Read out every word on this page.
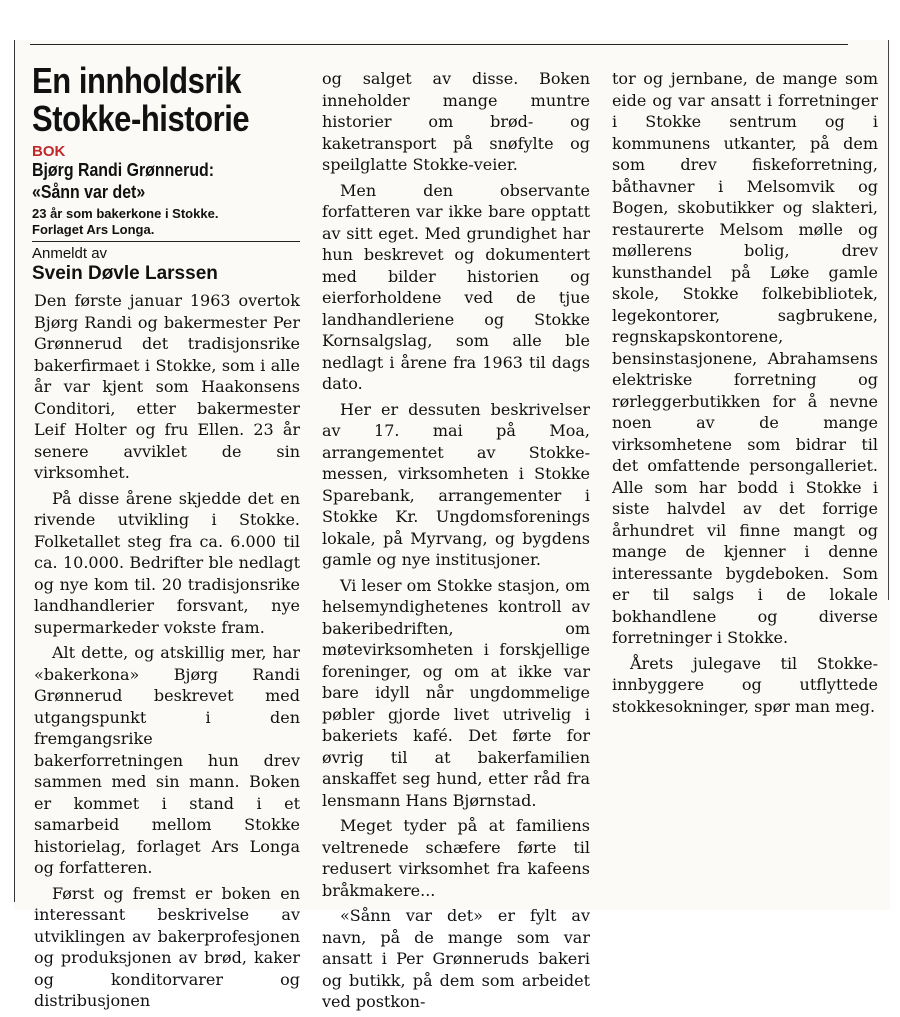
En innholdsrik Stokke-historie
BOK
Bjørg Randi Grønnerud: «Sånn var det»
23 år som bakerkone i Stokke.
Forlaget Ars Longa.
Anmeldt av
Svein Døvle Larssen

Den første januar 1963 overtok Bjørg Randi og bakermester Per Grønnerud det tradisjonsrike bakerfirmaet i Stokke, som i alle år var kjent som Haakonsens Conditori, etter bakermester Leif Holter og fru Ellen. 23 år senere avviklet de sin virksomhet.

På disse årene skjedde det en rivende utvikling i Stokke. Folketallet steg fra ca. 6.000 til ca. 10.000. Bedrifter ble nedlagt og nye kom til. 20 tradisjonsrike landhandlerier forsvant, nye supermarkeder vokste fram.

Alt dette, og atskillig mer, har «bakerkona» Bjørg Randi Grønnerud beskrevet med utgangspunkt i den fremgangsrike bakerforretningen hun drev sammen med sin mann. Boken er kommet i stand i et samarbeid mellom Stokke historielag, forlaget Ars Longa og forfatteren.

Først og fremst er boken en interessant beskrivelse av utviklingen av bakerprofesjonen og produksjonen av brød, kaker og konditorvarer og distribusjonen

og salget av disse. Boken inneholder mange muntre historier om brød- og kaketransport på snøfylte og speilglatte Stokke-veier.

Men den observante forfatteren var ikke bare opptatt av sitt eget. Med grundighet har hun beskrevet og dokumentert med bilder historien og eierforholdene ved de tjue landhandleriene og Stokke Kornsalgslag, som alle ble nedlagt i årene fra 1963 til dags dato.

Her er dessuten beskrivelser av 17. mai på Moa, arrangementet av Stokke-messen, virksomheten i Stokke Sparebank, arrangementer i Stokke Kr. Ungdomsforenings lokale, på Myrvang, og bygdens gamle og nye institusjoner.

Vi leser om Stokke stasjon, om helsemyndighetenes kontroll av bakeribedriften, om møtevirksomheten i forskjellige foreninger, og om at ikke var bare idyll når ungdommelige pøbler gjorde livet utrivelig i bakeriets kafé. Det førte for øvrig til at bakerfamilien anskaffet seg hund, etter råd fra lensmann Hans Bjørnstad.

Meget tyder på at familiens veltrenede schæfere førte til redusert virksomhet fra kafeens bråkmakere...

«Sånn var det» er fylt av navn, på de mange som var ansatt i Per Grønneruds bakeri og butikk, på dem som arbeidet ved postkon-

tor og jernbane, de mange som eide og var ansatt i forretninger i Stokke sentrum og i kommunens utkanter, på dem som drev fiskeforretning, båthavner i Melsomvik og Bogen, skobutikker og slakteri, restaurerte Melsom mølle og møllerens bolig, drev kunsthandel på Løke gamle skole, Stokke folkebibliotek, legekontorer, sagbrukene, regnskapskontorene, bensinstasjonene, Abrahamsens elektriske forretning og rørleggerbutikken for å nevne noen av de mange virksomhetene som bidrar til det omfattende persongalleriet. Alle som har bodd i Stokke i siste halvdel av det forrige århundret vil finne mangt og mange de kjenner i denne interessante bygdeboken. Som er til salgs i de lokale bokhandlene og diverse forretninger i Stokke.

Årets julegave til Stokke-innbyggere og utflyttede stokkesokninger, spør man meg.
